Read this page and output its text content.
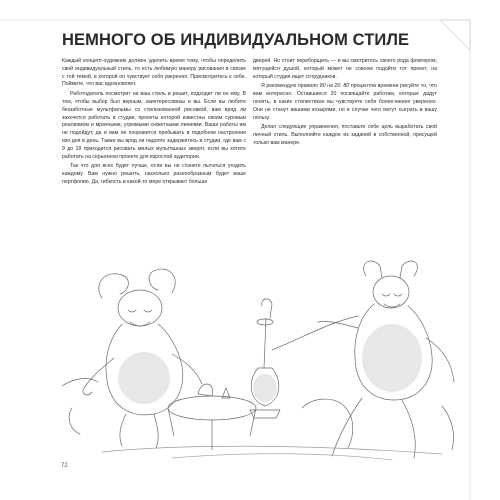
НЕМНОГО ОБ ИНДИВИДУАЛЬНОМ СТИЛЕ

Каждый концепт-художник должен уделить время тому, чтобы определить свой индивидуальный стиль, то есть любимую манеру рисования в связке с той темой, в которой он чувствует себя уверенно. Присмотритесь к себе. Поймите, что вас вдохновляет.

Работодатель посмотрит на ваш стиль и решит, подходит ли он ему. В том, чтобы выбор был верным, заинтересованы и вы. Если вы любите беззаботные мультфильмы со стилизованной рисовкой, вам вряд ли захочется работать в студии, проекты которой известны своим суровым реализмом и мрачными, угрюмыми сюжетными линиями. Ваши работы им не подойдут, да и вам не понравится пребывать в подобном настроении изо дня в день. Также вы вряд ли надолго задержитесь в студии, где вам с 9 до 18 приходится рисовать милых мультяшных зверят, если вы хотите работать на серьезном проекте для взрослой аудитории.

Так что для всех будет лучше, если вы не станете пытаться угодить каждому. Вам нужно решить, насколько разнообразным будет ваше портфолио. Да, гибкость в какой-то мере открывает больше

дверей. Но стоит переборщить — и вы смотритесь своего рода флюгером, мятущейся душой, который может не совсем подойти тот проект, на который студия ищет сотрудников.

Я рекомендую правило 80 на 20. 80 процентов времени рисуйте то, что вам интересно. Оставшиеся 20 посвящайте работам, которые дадут понять, в каких стилистиках вы чувствуете себя более-менее уверенно. Они не станут вашими козырями, но в случае чего могут сыграть в вашу пользу.

Делая следующие упражнения, поставьте себе цель выработать свой личный стиль. Выполняйте каждое из заданий в собственной, присущей только вам манере.

72
